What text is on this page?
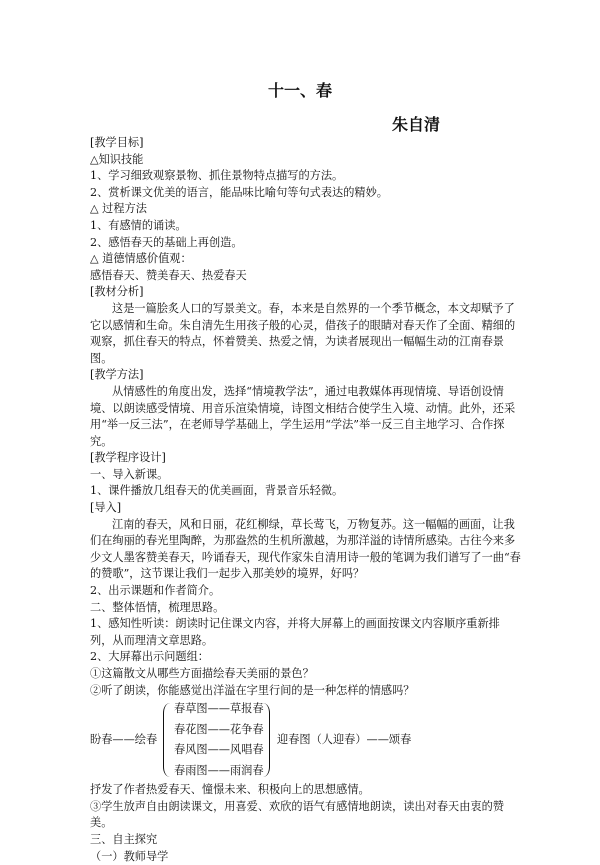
十一、春
朱自清
[教学目标]
△知识技能
1、学习细致观察景物、抓住景物特点描写的方法。
2、赏析课文优美的语言，能品味比喻句等句式表达的精妙。
△ 过程方法
1、有感情的诵读。
2、感悟春天的基础上再创造。
△ 道德情感价值观：
感悟春天、赞美春天、热爱春天
[教材分析]
这是一篇脍炙人口的写景美文。春，本来是自然界的一个季节概念，本文却赋予了它以感情和生命。朱自清先生用孩子般的心灵，借孩子的眼睛对春天作了全面、精细的观察，抓住春天的特点，怀着赞美、热爱之情，为读者展现出一幅幅生动的江南春景图。
[教学方法]
从情感性的角度出发，选择“情境教学法”，通过电教媒体再现情境、导语创设情境、以朗读感受情境、用音乐渲染情境，诗图文相结合使学生入境、动情。此外，还采用“举一反三法”，在老师导学基础上，学生运用“学法”举一反三自主地学习、合作探究。
[教学程序设计]
一、导入新课。
1、课件播放几组春天的优美画面，背景音乐轻微。
[导入]
江南的春天，风和日丽，花红柳绿，草长莺飞，万物复苏。这一幅幅的画面，让我们在绚丽的春光里陶醉，为那盎然的生机所激越，为那洋溢的诗情所感染。古往今来多少文人墨客赞美春天，吟诵春天，现代作家朱自清用诗一般的笔调为我们谱写了一曲“春的赞歌”，这节课让我们一起步入那美妙的境界，好吗？
2、出示课题和作者简介。
二、整体悟情，梳理思路。
1、感知性听读：朗读时记住课文内容，并将大屏幕上的画面按课文内容顺序重新排列，从而理清文章思路。
2、大屏幕出示问题组：
①这篇散文从哪些方面描绘春天美丽的景色？
②听了朗读，你能感觉出洋溢在字里行间的是一种怎样的情感吗？
盼春——绘春
春草图——草报春
春花图——花争春
春风图——风唱春
春雨图——雨润春
迎春图（人迎春）——颂春
抒发了作者热爱春天、憧憬未来、积极向上的思想感情。
③学生放声自由朗读课文，用喜爱、欢欣的语气有感情地朗读，读出对春天由衷的赞美。
三、自主探究
（一）教师导学
